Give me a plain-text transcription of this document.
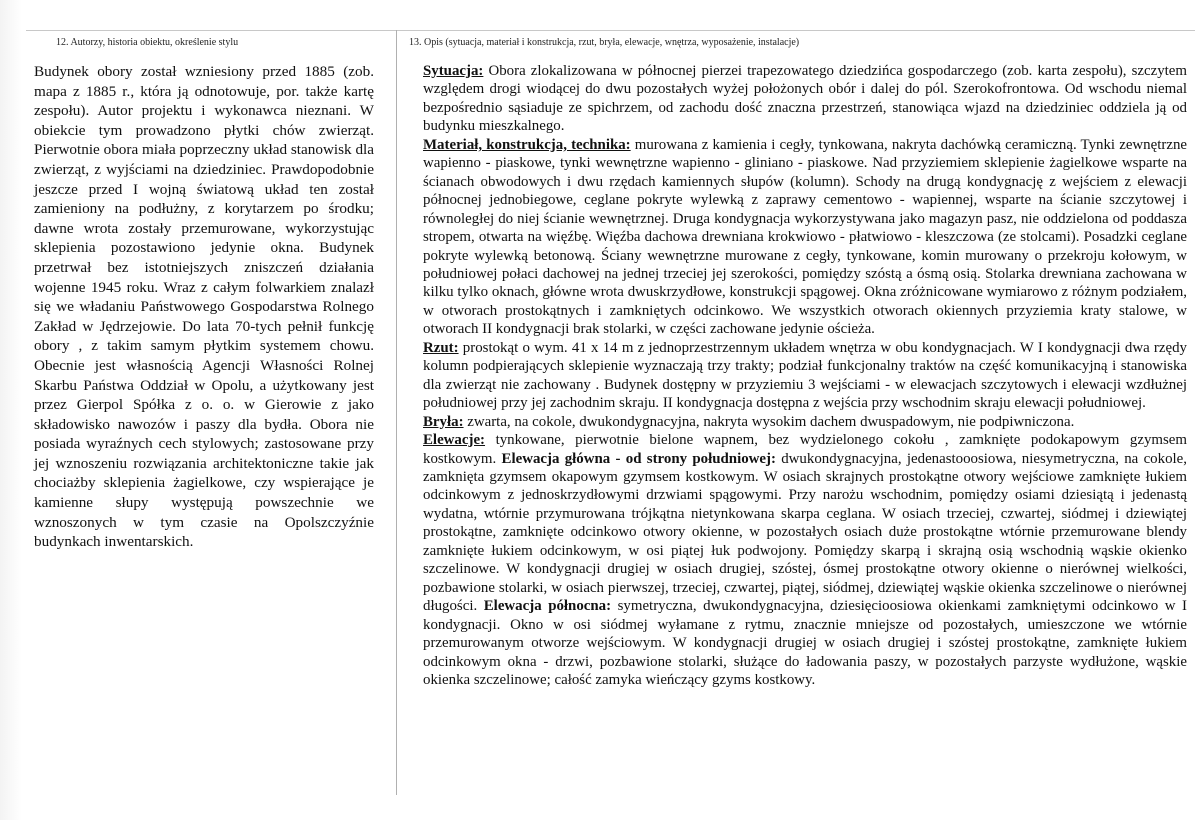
12. Autorzy, historia obiektu, określenie stylu	13. Opis (sytuacja, materiał i konstrukcja, rzut, bryła, elewacje, wnętrza, wyposażenie, instalacje)

Budynek obory został wzniesiony przed 1885 (zob. mapa z 1885 r., która ją odnotowuje, por. także kartę zespołu). Autor projektu i wykonawca nieznani. W obiekcie tym prowadzono płytki chów zwierząt. Pierwotnie obora miała poprzeczny układ stanowisk dla zwierząt, z wyjściami na dziedziniec. Prawdopodobnie jeszcze przed I wojną światową układ ten został zamieniony na podłużny, z korytarzem po środku; dawne wrota zostały przemurowane, wykorzystując sklepienia pozostawiono jedynie okna. Budynek przetrwał bez istotniejszych zniszczeń działania wojenne 1945 roku. Wraz z całym folwarkiem znalazł się we władaniu Państwowego Gospodarstwa Rolnego Zakład w Jędrzejowie. Do lata 70-tych pełnił funkcję obory , z takim samym płytkim systemem chowu. Obecnie jest własnością Agencji Własności Rolnej Skarbu Państwa Oddział w Opolu, a użytkowany jest przez Gierpol Spółka z o. o. w Gierowie z jako składowisko nawozów i paszy dla bydła. Obora nie posiada wyraźnych cech stylowych; zastosowane przy jej wznoszeniu rozwiązania architektoniczne takie jak chociażby sklepienia żagielkowe, czy wspierające je kamienne słupy występują powszechnie we wznoszonych w tym czasie na Opolszczyźnie budynkach inwentarskich.

Sytuacja: Obora zlokalizowana w północnej pierzei trapezowatego dziedzińca gospodarczego (zob. karta zespołu), szczytem względem drogi wiodącej do dwu pozostałych wyżej położonych obór i dalej do pól. Szerokofrontowa. Od wschodu niemal bezpośrednio sąsiaduje ze spichrzem, od zachodu dość znaczna przestrzeń, stanowiąca wjazd na dziedziniec oddziela ją od budynku mieszkalnego.

Materiał, konstrukcja, technika: murowana z kamienia i cegły, tynkowana, nakryta dachówką ceramiczną. Tynki zewnętrzne wapienno - piaskowe, tynki wewnętrzne wapienno - gliniano - piaskowe. Nad przyziemiem sklepienie żagielkowe wsparte na ścianach obwodowych i dwu rzędach kamiennych słupów (kolumn). Schody na drugą kondygnację z wejściem z elewacji północnej jednobiegowe, ceglane pokryte wylewką z zaprawy cementowo - wapiennej, wsparte na ścianie szczytowej i równoległej do niej ścianie wewnętrznej. Druga kondygnacja wykorzystywana jako magazyn pasz, nie oddzielona od poddasza stropem, otwarta na więźbę. Więźba dachowa drewniana krokwiowo - płatwiowo - kleszczowa (ze stolcami). Posadzki ceglane pokryte wylewką betonową. Ściany wewnętrzne murowane z cegły, tynkowane, komin murowany o przekroju kołowym, w południowej połaci dachowej na jednej trzeciej jej szerokości, pomiędzy szóstą a ósmą osią. Stolarka drewniana zachowana w kilku tylko oknach, główne wrota dwuskrzydłowe, konstrukcji spągowej. Okna zróżnicowane wymiarowo z różnym podziałem, w otworach prostokątnych i zamkniętych odcinkowo. We wszystkich otworach okiennych przyziemia kraty stalowe, w otworach II kondygnacji brak stolarki, w części zachowane jedynie ościeża.

Rzut: prostokąt o wym. 41 x 14 m z jednoprzestrzennym układem wnętrza w obu kondygnacjach. W I kondygnacji dwa rzędy kolumn podpierających sklepienie wyznaczają trzy trakty; podział funkcjonalny traktów na część komunikacyjną i stanowiska dla zwierząt nie zachowany . Budynek dostępny w przyziemiu 3 wejściami - w elewacjach szczytowych i elewacji wzdłużnej południowej przy jej zachodnim skraju. II kondygnacja dostępna z wejścia przy wschodnim skraju elewacji południowej.

Bryła: zwarta, na cokole, dwukondygnacyjna, nakryta wysokim dachem dwuspadowym, nie podpiwniczona.

Elewacje: tynkowane, pierwotnie bielone wapnem, bez wydzielonego cokołu , zamknięte podokapowym gzymsem kostkowym. Elewacja główna - od strony południowej: dwukondygnacyjna, jedenastooosiowa, niesymetryczna, na cokole, zamknięta gzymsem okapowym gzymsem kostkowym. W osiach skrajnych prostokątne otwory wejściowe zamknięte łukiem odcinkowym z jednoskrzydłowymi drzwiami spągowymi. Przy narożu wschodnim, pomiędzy osiami dziesiątą i jedenastą wydatna, wtórnie przymurowana trójkątna nietynkowana skarpa ceglana. W osiach trzeciej, czwartej, siódmej i dziewiątej prostokątne, zamknięte odcinkowo otwory okienne, w pozostałych osiach duże prostokątne wtórnie przemurowane blendy zamknięte łukiem odcinkowym, w osi piątej łuk podwojony. Pomiędzy skarpą i skrajną osią wschodnią wąskie okienko szczelinowe. W kondygnacji drugiej w osiach drugiej, szóstej, ósmej prostokątne otwory okienne o nierównej wielkości, pozbawione stolarki, w osiach pierwszej, trzeciej, czwartej, piątej, siódmej, dziewiątej wąskie okienka szczelinowe o nierównej długości. Elewacja północna: symetryczna, dwukondygnacyjna, dziesięcioosiowa okienkami zamkniętymi odcinkowo w I kondygnacji. Okno w osi siódmej wyłamane z rytmu, znacznie mniejsze od pozostałych, umieszczone we wtórnie przemurowanym otworze wejściowym. W kondygnacji drugiej w osiach drugiej i szóstej prostokątne, zamknięte łukiem odcinkowym okna - drzwi, pozbawione stolarki, służące do ładowania paszy, w pozostałych parzyste wydłużone, wąskie okienka szczelinowe; całość zamyka wieńczący gzyms kostkowy.
